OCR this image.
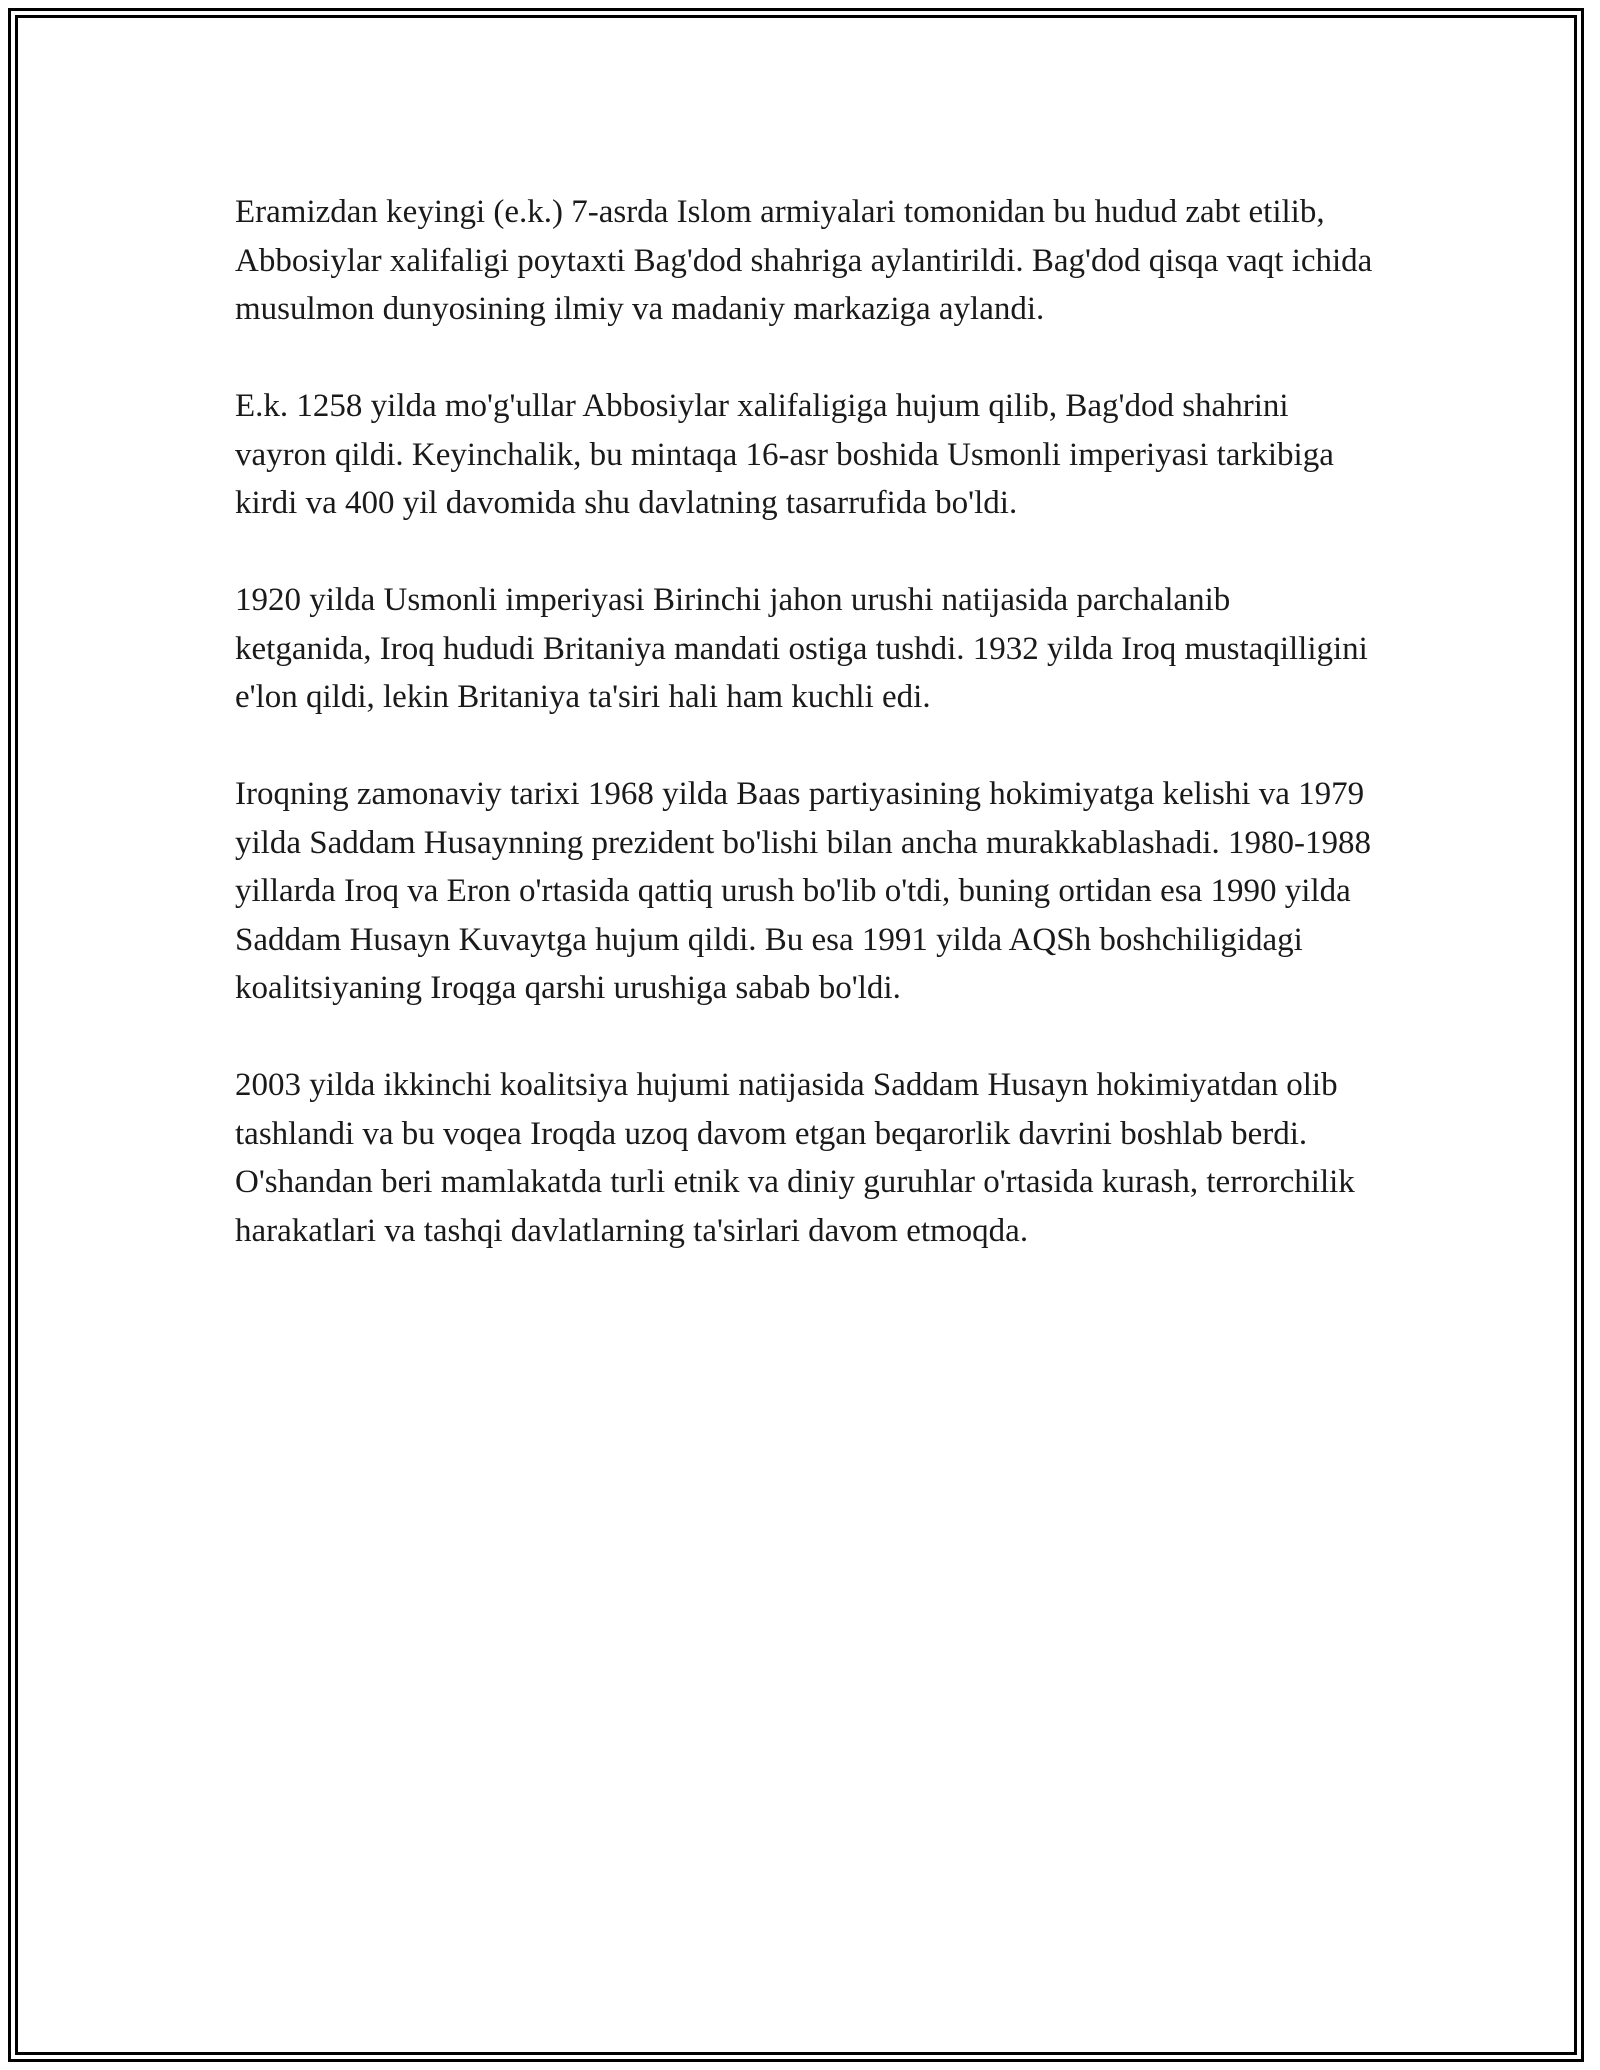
Eramizdan keyingi (e.k.) 7-asrda Islom armiyalari tomonidan bu hudud zabt etilib, Abbosiylar xalifaligi poytaxti Bag'dod shahriga aylantirildi. Bag'dod qisqa vaqt ichida musulmon dunyosining ilmiy va madaniy markaziga aylandi.

E.k. 1258 yilda mo'g'ullar Abbosiylar xalifaligiga hujum qilib, Bag'dod shahrini vayron qildi. Keyinchalik, bu mintaqa 16-asr boshida Usmonli imperiyasi tarkibiga kirdi va 400 yil davomida shu davlatning tasarrufida bo'ldi.

1920 yilda Usmonli imperiyasi Birinchi jahon urushi natijasida parchalanib ketganida, Iroq hududi Britaniya mandati ostiga tushdi. 1932 yilda Iroq mustaqilligini e'lon qildi, lekin Britaniya ta'siri hali ham kuchli edi.

Iroqning zamonaviy tarixi 1968 yilda Baas partiyasining hokimiyatga kelishi va 1979 yilda Saddam Husaynning prezident bo'lishi bilan ancha murakkablashadi. 1980-1988 yillarda Iroq va Eron o'rtasida qattiq urush bo'lib o'tdi, buning ortidan esa 1990 yilda Saddam Husayn Kuvaytga hujum qildi. Bu esa 1991 yilda AQSh boshchiligidagi koalitsiyaning Iroqga qarshi urushiga sabab bo'ldi.

2003 yilda ikkinchi koalitsiya hujumi natijasida Saddam Husayn hokimiyatdan olib tashlandi va bu voqea Iroqda uzoq davom etgan beqarorlik davrini boshlab berdi. O'shandan beri mamlakatda turli etnik va diniy guruhlar o'rtasida kurash, terrorchilik harakatlari va tashqi davlatlarning ta'sirlari davom etmoqda.
